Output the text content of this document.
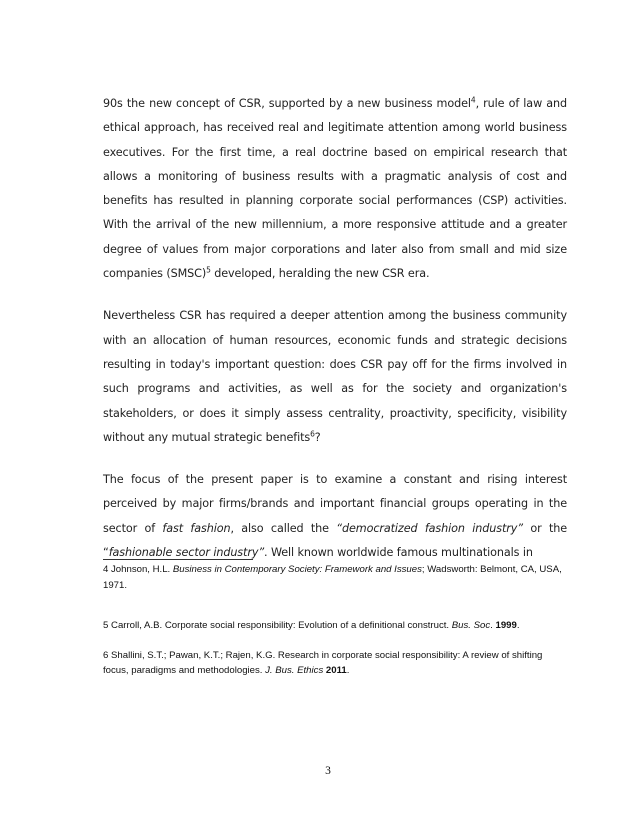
90s the new concept of CSR, supported by a new business model$^4$, rule of law and ethical approach, has received real and legitimate attention among world business executives. For the first time, a real doctrine based on empirical research that allows a monitoring of business results with a pragmatic analysis of cost and benefits has resulted in planning corporate social performances (CSP) activities. With the arrival of the new millennium, a more responsive attitude and a greater degree of values from major corporations and later also from small and mid size companies (SMSC)$^5$ developed, heralding the new CSR era.

Nevertheless CSR has required a deeper attention among the business community with an allocation of human resources, economic funds and strategic decisions resulting in today's important question: does CSR pay off for the firms involved in such programs and activities, as well as for the society and organization's stakeholders, or does it simply assess centrality, proactivity, specificity, visibility without any mutual strategic benefits$^6$?

The focus of the present paper is to examine a constant and rising interest perceived by major firms/brands and important financial groups operating in the sector of fast fashion, also called the “democratized fashion industry” or the “fashionable sector industry”. Well known worldwide famous multinationals in

4 Johnson, H.L. Business in Contemporary Society: Framework and Issues; Wadsworth: Belmont, CA, USA, 1971.

5 Carroll, A.B. Corporate social responsibility: Evolution of a definitional construct. Bus. Soc. 1999.

6 Shallini, S.T.; Pawan, K.T.; Rajen, K.G. Research in corporate social responsibility: A review of shifting focus, paradigms and methodologies. J. Bus. Ethics 2011.

3
